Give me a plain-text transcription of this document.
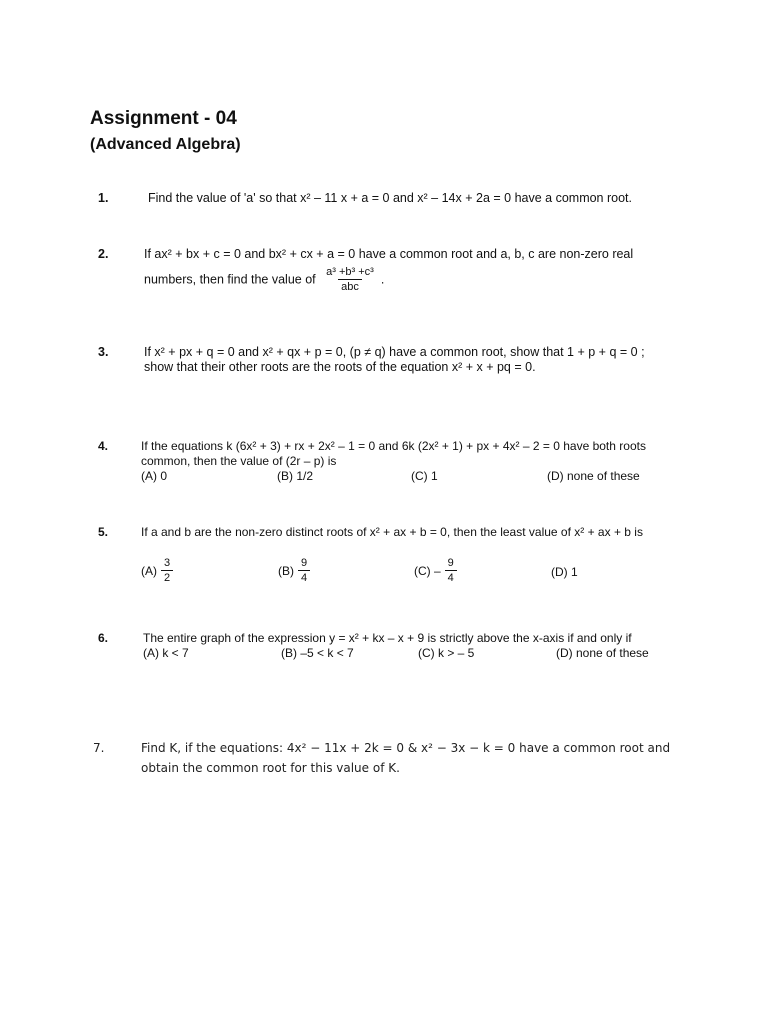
Assignment - 04
(Advanced Algebra)
1.	Find the value of 'a' so that x² – 11 x + a = 0 and x² – 14x + 2a = 0 have a common root.
2.	If ax² + bx + c = 0 and bx² + cx + a = 0 have a common root and a, b, c are non-zero real
numbers, then find the value of $\frac{\text{a³ +b³ +c³}}{\text{abc}}$ .
3.	If x² + px + q = 0 and x² + qx + p = 0, (p ≠ q) have a common root, show that 1 + p + q = 0 ;
show that their other roots are the roots of the equation x² + x + pq = 0.
4.	If the equations k (6x² + 3) + rx + 2x² – 1 = 0 and 6k (2x² + 1) + px + 4x² – 2 = 0 have both roots
common, then the value of (2r – p) is
(A) 0	(B) 1/2	(C) 1	(D) none of these
5.	If a and b are the non-zero distinct roots of x² + ax + b = 0, then the least value of x² + ax + b is
$(A) \frac{3}{2}$	$(B) \frac{9}{4}$	$(C) - \frac{9}{4}$	(D) 1
6.	The entire graph of the expression y = x² + kx – x + 9 is strictly above the x-axis if and only if
(A) k < 7	(B) –5 < k < 7	(C) k > – 5	(D) none of these
7.	Find K, if the equations: 4x² − 11x + 2k = 0 & x² − 3x − k = 0 have a common root and
obtain the common root for this value of K.
